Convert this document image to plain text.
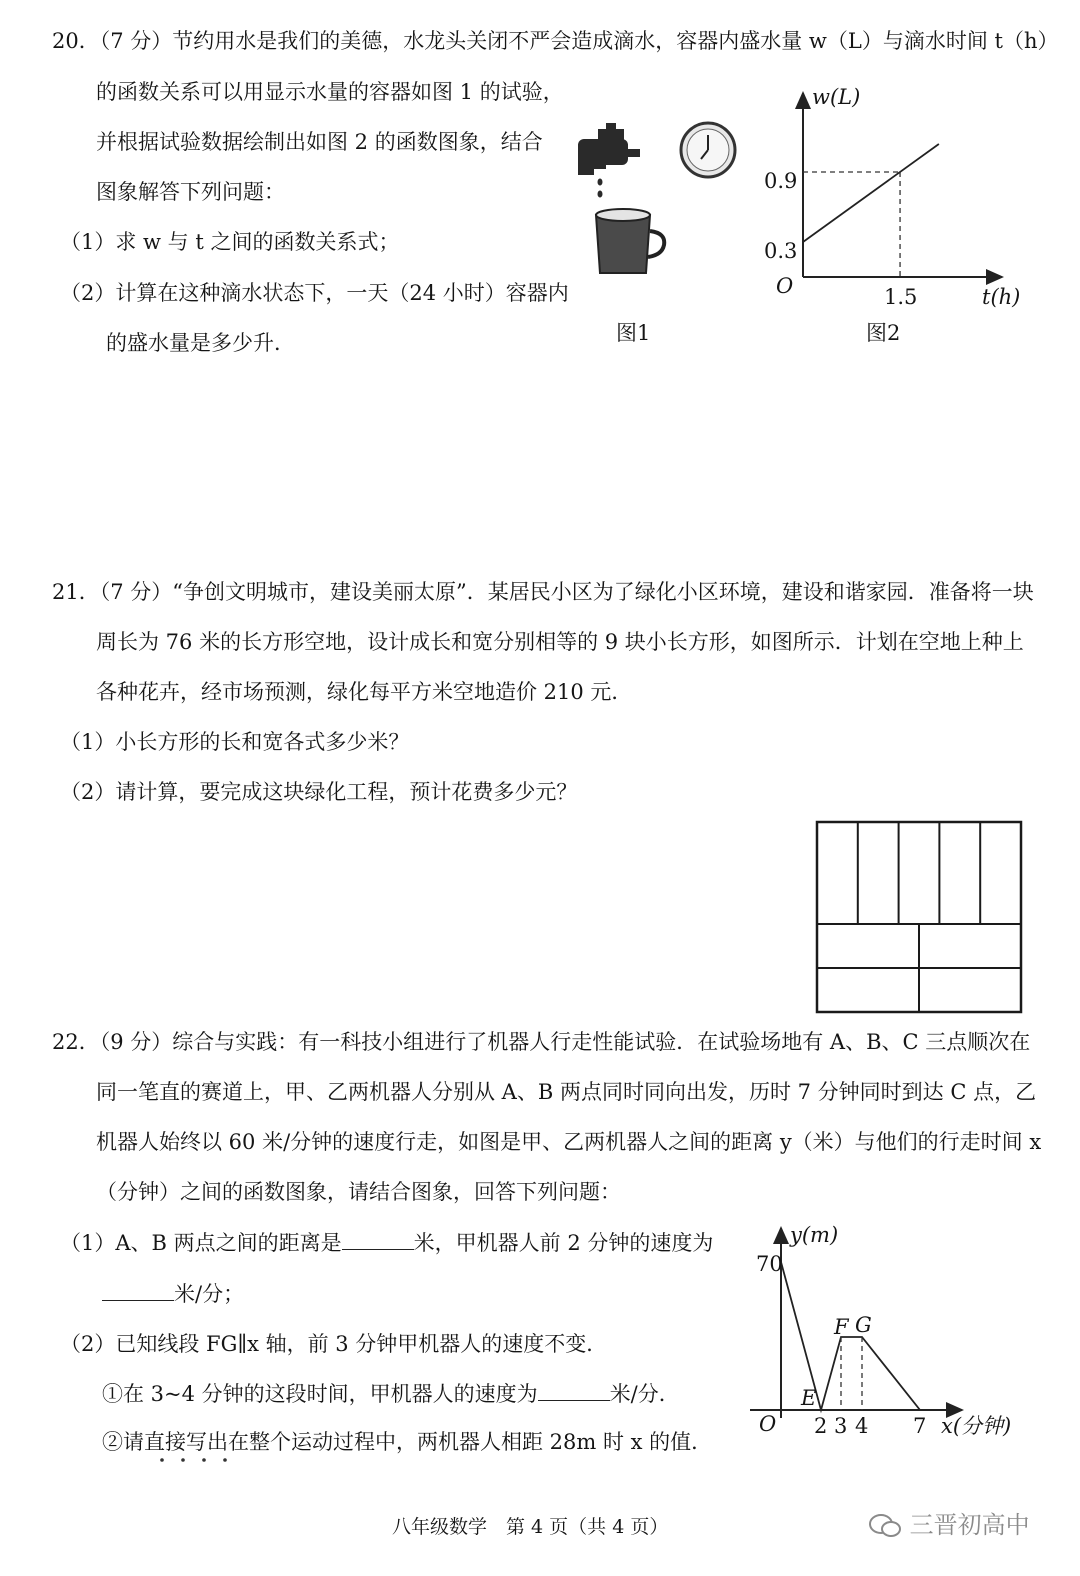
20．（7 分）节约用水是我们的美德，水龙头关闭不严会造成滴水，容器内盛水量 w（L）与滴水时间 t（h）
的函数关系可以用显示水量的容器如图 1 的试验，
并根据试验数据绘制出如图 2 的函数图象，结合
图象解答下列问题：
（1）求 w 与 t 之间的函数关系式；
（2）计算在这种滴水状态下，一天（24 小时）容器内
的盛水量是多少升．	图1
w(L)
O
0.9
0.3
1.5	t(h)
图2
21．（7 分）“争创文明城市，建设美丽太原”．某居民小区为了绿化小区环境，建设和谐家园．准备将一块
周长为 76 米的长方形空地，设计成长和宽分别相等的 9 块小长方形，如图所示．计划在空地上种上
各种花卉，经市场预测，绿化每平方米空地造价 210 元．
（1）小长方形的长和宽各式多少米？
（2）请计算，要完成这块绿化工程，预计花费多少元？
22．（9 分）综合与实践：有一科技小组进行了机器人行走性能试验．在试验场地有 A、B、C 三点顺次在
同一笔直的赛道上，甲、乙两机器人分别从 A、B 两点同时同向出发，历时 7 分钟同时到达 C 点，乙
机器人始终以 60 米/分钟的速度行走，如图是甲、乙两机器人之间的距离 y（米）与他们的行走时间 x
（分钟）之间的函数图象，请结合图象，回答下列问题：
（1）A、B 两点之间的距离是	米，甲机器人前 2 分钟的速度为
米/分；
（2）已知线段 FG∥x 轴，前 3 分钟甲机器人的速度不变．
①在 3~4 分钟的这段时间，甲机器人的速度为	米/分．
②请直接写出在整个运动过程中，两机器人相距 28m 时 x 的值．
y(m)
70
F G
E
O 2 3 4 7 x(分钟)
八年级数学　第 4 页（共 4 页）	三晋初高中
